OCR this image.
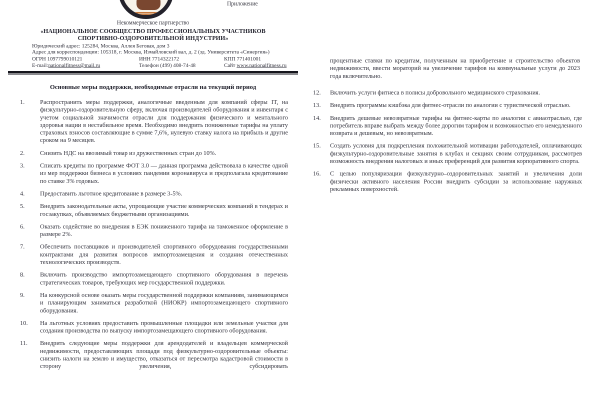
Приложение
Некоммерческое партнерство
«НАЦИОНАЛЬНОЕ СООБЩЕСТВО ПРОФЕССИОНАЛЬНЫХ УЧАСТНИКОВ
СПОРТИВНО-ОЗДОРОВИТЕЛЬНОЙ ИНДУСТРИИ»
Юридический адрес: 125284, Москва, Аллея Беговая, дом 3
Адрес для корреспонденции: 105318, г. Москва, Измайловский вал, д. 2 (зд. Университета «Синергия»)
ОГРН 1097799010121	ИНН 7714322172	КПП 771401001
E-mail:nationalfitness@mail.ru	Телефон (499) 408-74-48	Сайт www.nationalfitness.ru
Основные меры поддержки, необходимые отрасли на текущий период
1.	Распространить меры поддержки, аналогичные введенным для компаний сферы IT, на физкультурно-оздоровительную сферу, включая производителей оборудования и инвентаря с учетом социальной значимости отрасли для поддержания физического и ментального здоровья нации в нестабильное время. Необходимо внедрить пониженные тарифы на уплату страховых взносов составляющие в сумме 7,6%, нулевую ставку налога на прибыль и другие сроком на 9 месяцев.
2.	Снизить НДС на ввозимый товар из дружественных стран до 10%.
3.	Списать кредиты по программе ФОТ 3.0 — данная программа действовала в качестве одной из мер поддержки бизнеса в условиях пандемии коронавируса и предполагала кредитование по ставке 3% годовых.
4.	Предоставить льготное кредитование в размере 3-5%.
5.	Внедрить законодательные акты, упрощающие участие коммерческих компаний в тендерах и госзакупках, объявляемых бюджетными организациями.
6.	Оказать содействие во внедрения в ЕЭК пониженного тарифа на таможенное оформление в размере 2%.
7.	Обеспечить поставщиков и производителей спортивного оборудования государственными контрактами для развития вопросов импортозамещения и создания отечественных технологических производств.
8.	Включить производство импортозамещающего спортивного оборудования в перечень стратегических товаров, требующих мер государственной поддержки.
9.	На конкурсной основе оказать меры государственной поддержки компаниям, занимающимся и планирующим заниматься разработкой (НИОКР) импортозамещающего спортивного оборудования.
10. На льготных условиях предоставить промышленные площадки или земельные участки для создания производства по выпуску импортозамещающего спортивного оборудования.
11.	Внедрить следующие меры поддержки для арендодателей и владельцев коммерческой недвижимости, предоставляющих площади под физкультурно-оздоровительные объекты: снизить налоги на землю и имущество, отказаться от пересмотра кадастровой стоимости в сторону увеличения, субсидировать
процентные ставки по кредитам, полученным на приобретение и строительство объектов недвижимости, ввести мораторий на увеличение тарифов на коммунальные услуги до 2023 года включительно.
12. Включить услуги фитнеса в полисы добровольного медицинского страхования.
13. Внедрить программы кэшбэка для фитнес-отрасли по аналогии с туристической отраслью.
14. Внедрить дешевые невозвратные тарифы на фитнес-карты по аналогии с авиаотраслью, где потребитель вправе выбрать между более дорогим тарифом и возможностью его немедленного возврата и дешевым, но невозвратным.
15. Создать условия для подкрепления положительной мотивации работодателей, оплачивающих физкультурно-оздоровительные занятия в клубах и секциях своим сотрудникам, рассмотрев возможность внедрения налоговых и иных преференций для развития корпоративного спорта.
16. С целью популяризации физкультурно–оздоровительных занятий и увеличения доли физически активного населения России внедрить субсидии за использование наружных рекламных поверхностей.
